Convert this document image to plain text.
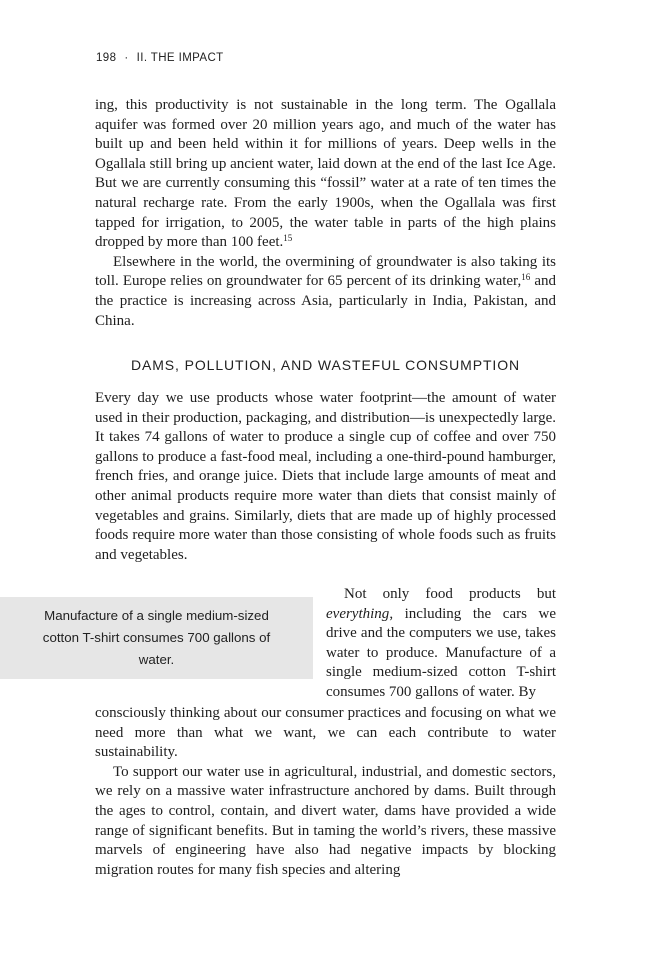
198 · II. THE IMPACT

ing, this productivity is not sustainable in the long term. The Ogallala aquifer was formed over 20 million years ago, and much of the water has built up and been held within it for millions of years. Deep wells in the Ogallala still bring up ancient water, laid down at the end of the last Ice Age. But we are currently consuming this “fossil” water at a rate of ten times the natural recharge rate. From the early 1900s, when the Ogallala was first tapped for irrigation, to 2005, the water table in parts of the high plains dropped by more than 100 feet.$^{15}$

Elsewhere in the world, the overmining of groundwater is also taking its toll. Europe relies on groundwater for 65 percent of its drinking water,$^{16}$ and the practice is increasing across Asia, particularly in India, Pakistan, and China.

DAMS, POLLUTION, AND WASTEFUL CONSUMPTION

Every day we use products whose water footprint—the amount of water used in their production, packaging, and distribution—is unexpectedly large. It takes 74 gallons of water to produce a single cup of coffee and over 750 gallons to produce a fast-food meal, including a one-third-pound hamburger, french fries, and orange juice. Diets that include large amounts of meat and other animal products require more water than diets that consist mainly of vegetables and grains. Similarly, diets that are made up of highly processed foods require more water than those consisting of whole foods such as fruits and vegetables.

Manufacture of a single medium-sized cotton T-shirt consumes 700 gallons of water.

Not only food products but everything, including the cars we drive and the computers we use, takes water to produce. Manufacture of a single medium-sized cotton T-shirt consumes 700 gallons of water. By

consciously thinking about our consumer practices and focusing on what we need more than what we want, we can each contribute to water sustainability.

To support our water use in agricultural, industrial, and domestic sectors, we rely on a massive water infrastructure anchored by dams. Built through the ages to control, contain, and divert water, dams have provided a wide range of significant benefits. But in taming the world’s rivers, these massive marvels of engineering have also had negative impacts by blocking migration routes for many fish species and altering
